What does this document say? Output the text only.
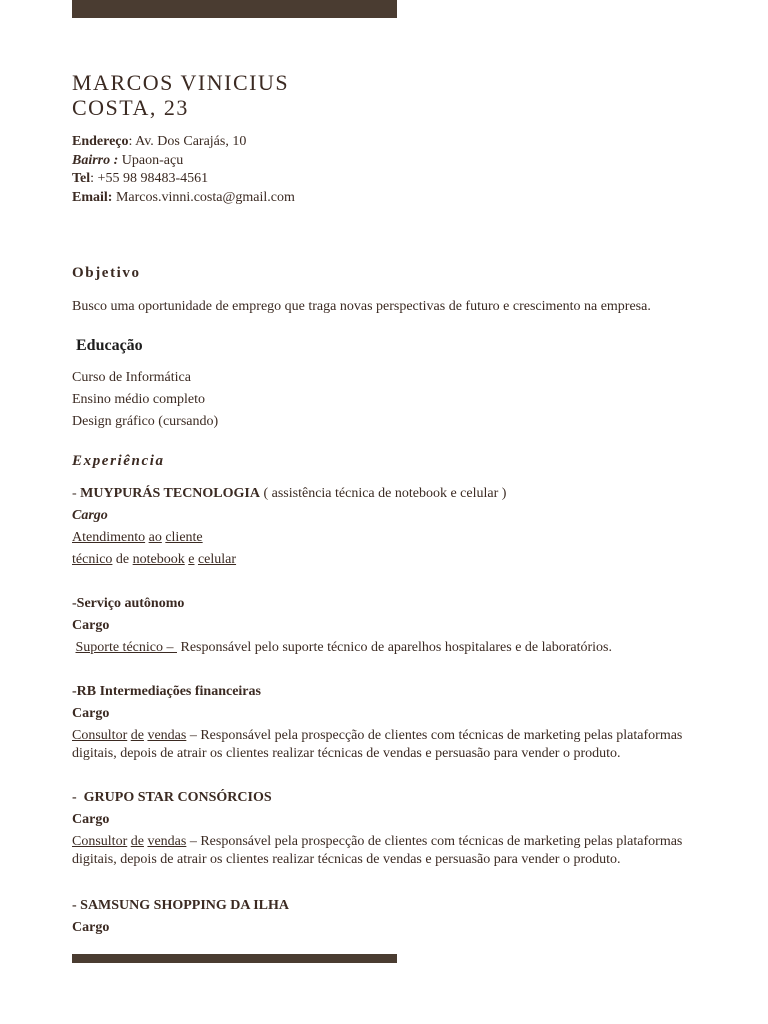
MARCOS VINICIUS
COSTA, 23
Endereço: Av. Dos Carajás, 10
Bairro : Upaon-açu
Tel: +55 98 98483-4561
Email: Marcos.vinni.costa@gmail.com
Objetivo
Busco uma oportunidade de emprego que traga novas perspectivas de futuro e crescimento na empresa.
Educação
Curso de Informática
Ensino médio completo
Design gráfico (cursando)
Experiência
- MUYPURÁS TECNOLOGIA ( assistência técnica de notebook e celular )
Cargo
Atendimento ao cliente
técnico de notebook e celular
-Serviço autônomo
Cargo
Suporte técnico –  Responsável pelo suporte técnico de aparelhos hospitalares e de laboratórios.
-RB Intermediações financeiras
Cargo
Consultor de vendas – Responsável pela prospecção de clientes com técnicas de marketing pelas plataformas digitais, depois de atrair os clientes realizar técnicas de vendas e persuasão para vender o produto.
-  GRUPO STAR CONSÓRCIOS
Cargo
Consultor de vendas – Responsável pela prospecção de clientes com técnicas de marketing pelas plataformas digitais, depois de atrair os clientes realizar técnicas de vendas e persuasão para vender o produto.
- SAMSUNG SHOPPING DA ILHA
Cargo
